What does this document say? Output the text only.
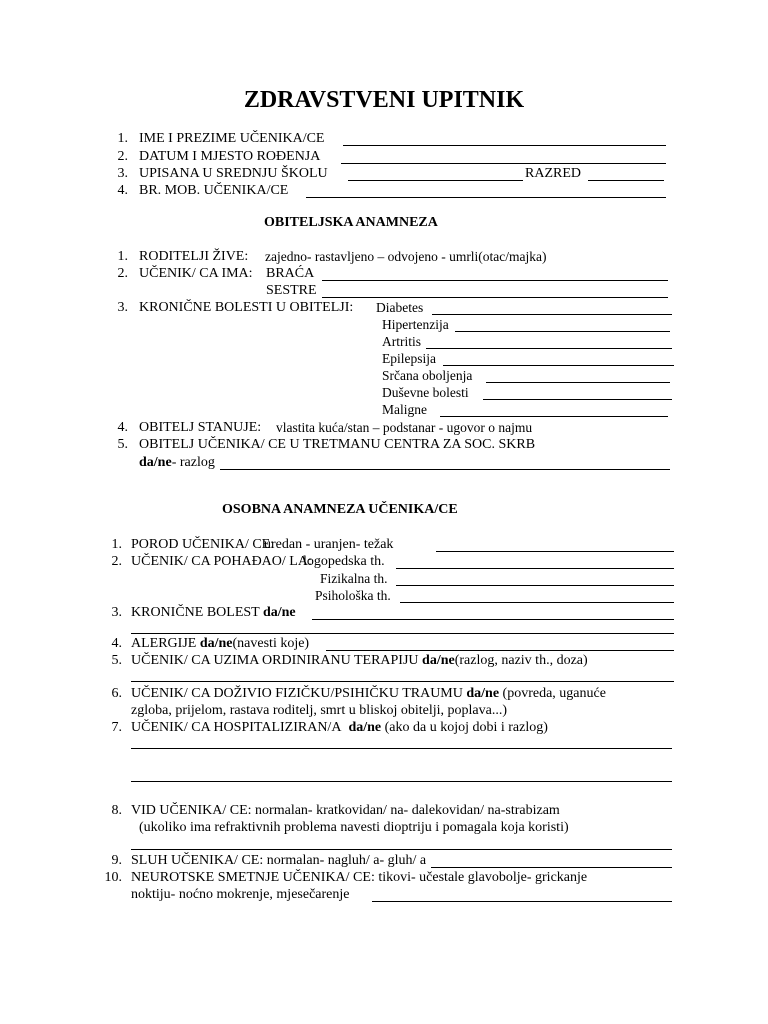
ZDRAVSTVENI UPITNIK
1. IME I PREZIME UČENIKA/CE
2. DATUM I MJESTO ROĐENJA
3. UPISANA U SREDNJU ŠKOLU	RAZRED
4. BR. MOB. UČENIKA/CE
OBITELJSKA ANAMNEZA
1. RODITELJI ŽIVE: zajedno- rastavljeno – odvojeno - umrli(otac/majka)
2. UČENIK/ CA IMA: BRAĆA
SESTRE
3. KRONIČNE BOLESTI U OBITELJI: Diabetes
Hipertenzija
Artritis
Epilepsija
Srčana oboljenja
Duševne bolesti
Maligne
4. OBITELJ STANUJE: vlastita kuća/stan – podstanar - ugovor o najmu
5. OBITELJ UČENIKA/ CE U TRETMANU CENTRA ZA SOC. SKRB
da/ne- razlog
OSOBNA ANAMNEZA UČENIKA/CE
1. POROD UČENIKA/ CE:
uredan - uranjen- težak
2. UČENIK/ CA POHAĐAO/ LA:
logopedska th.
Fizikalna th.
Psihološka th.
3. KRONIČNE BOLEST da/ne
4. ALERGIJE da/ne(navesti koje)
5. UČENIK/ CA UZIMA ORDINIRANU TERAPIJU da/ne(razlog, naziv th., doza)
6. UČENIK/ CA DOŽIVIO FIZIČKU/PSIHIČKU TRAUMU da/ne (povreda, uganuće
zgloba, prijelom, rastava roditelj, smrt u bliskoj obitelji, poplava...)
7. UČENIK/ CA HOSPITALIZIRAN/A da/ne (ako da u kojoj dobi i razlog)
8. VID UČENIKA/ CE: normalan- kratkovidan/ na- dalekovidan/ na-strabizam
(ukoliko ima refraktivnih problema navesti dioptriju i pomagala koja koristi)
9. SLUH UČENIKA/ CE: normalan- nagluh/ a- gluh/ a
10. NEUROTSKE SMETNJE UČENIKA/ CE: tikovi- učestale glavobolje- grickanje
noktiju- noćno mokrenje, mjesečarenje
